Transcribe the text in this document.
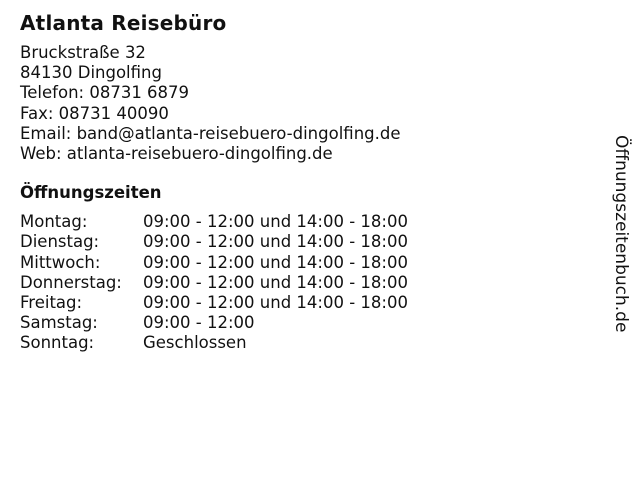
Atlanta Reisebüro
Bruckstraße 32
84130 Dingolfing
Telefon: 08731 6879
Fax: 08731 40090
Email: band@atlanta-reisebuero-dingolfing.de
Web: atlanta-reisebuero-dingolfing.de
Öffnungszeiten
Montag:	09:00 - 12:00 und 14:00 - 18:00
Dienstag:	09:00 - 12:00 und 14:00 - 18:00
Mittwoch:	09:00 - 12:00 und 14:00 - 18:00
Donnerstag:	09:00 - 12:00 und 14:00 - 18:00
Freitag:	09:00 - 12:00 und 14:00 - 18:00
Samstag:	09:00 - 12:00
Sonntag:	Geschlossen
Öffnungszeitenbuch.de
